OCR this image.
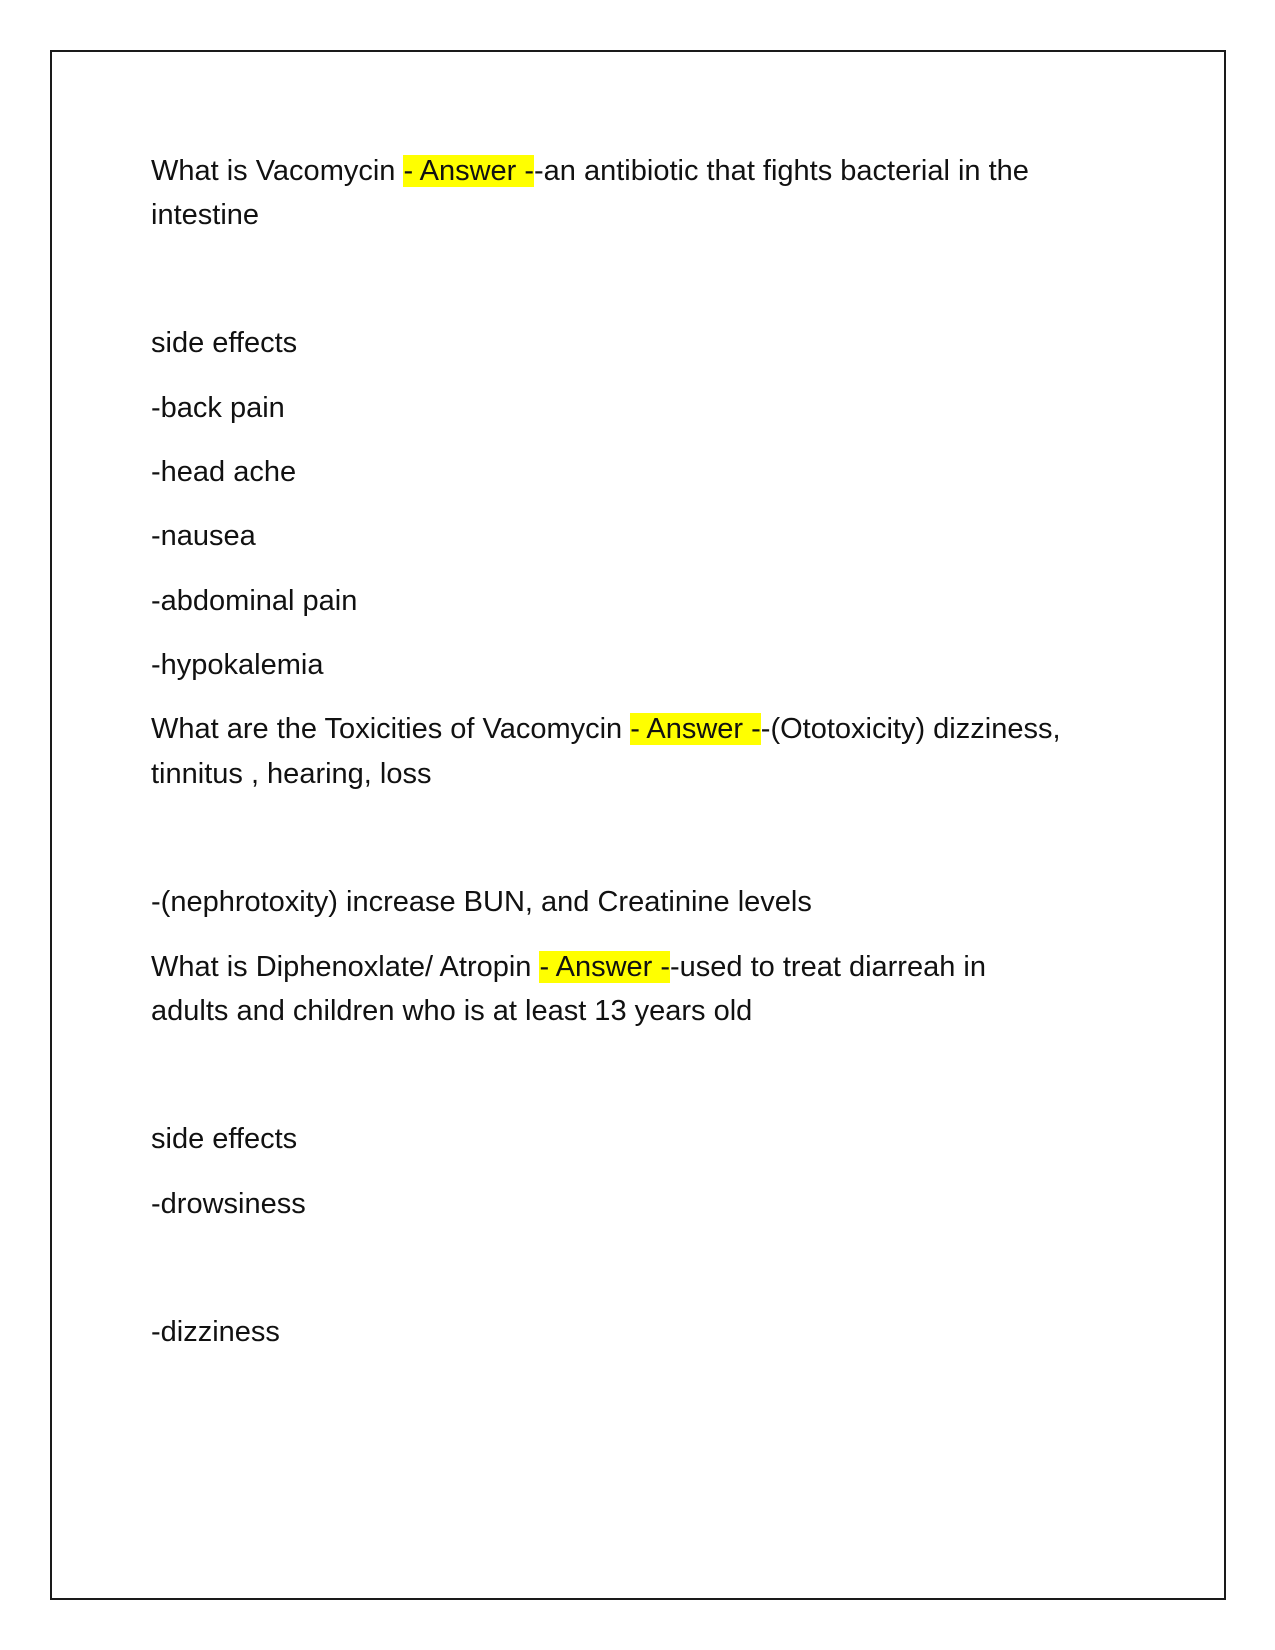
What is Vacomycin - Answer --an antibiotic that fights bacterial in the
intestine
side effects
-back pain
-head ache
-nausea
-abdominal pain
-hypokalemia
What are the Toxicities of Vacomycin - Answer --(Ototoxicity) dizziness,
tinnitus , hearing, loss
-(nephrotoxity) increase BUN, and Creatinine levels
What is Diphenoxlate/ Atropin - Answer --used to treat diarreah in
adults and children who is at least 13 years old
side effects
-drowsiness
-dizziness
